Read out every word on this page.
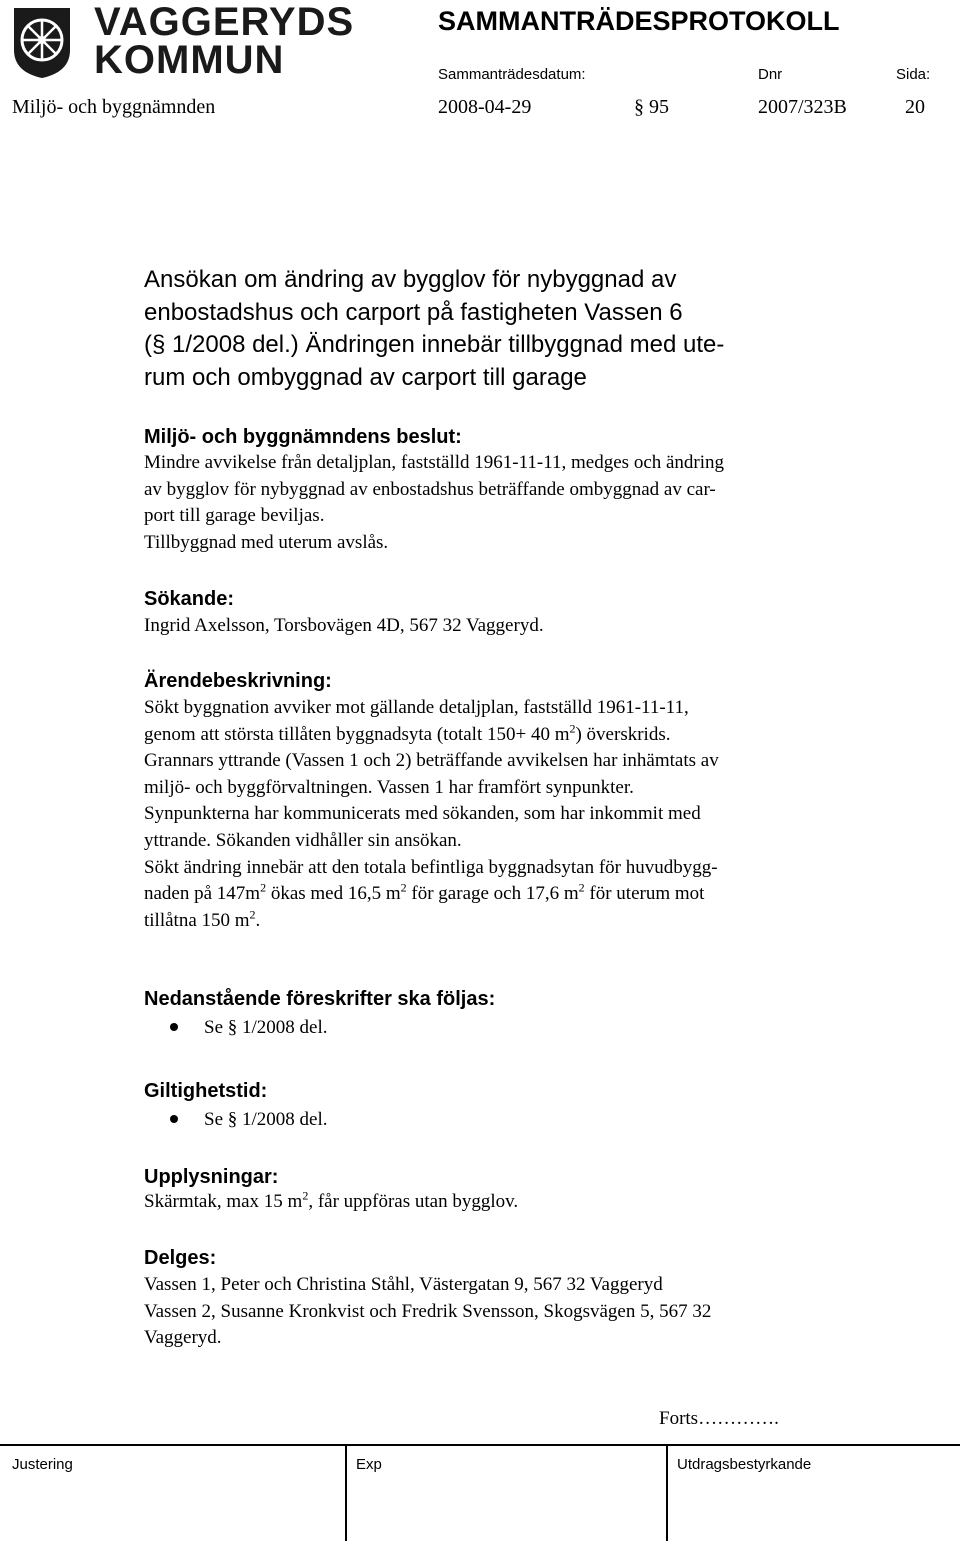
VAGGERYDS
KOMMUN
SAMMANTRÄDESPROTOKOLL
Sammanträdesdatum:	Dnr	Sida:
Miljö- och byggnämnden	2008-04-29	§ 95	2007/323B	20
Ansökan om ändring av bygglov för nybyggnad av
enbostadshus och carport på fastigheten Vassen 6
(§ 1/2008 del.) Ändringen innebär tillbyggnad med ute-
rum och ombyggnad av carport till garage
Miljö- och byggnämndens beslut:

Mindre avvikelse från detaljplan, fastställd 1961-11-11, medges och ändring

av bygglov för nybyggnad av enbostadshus beträffande ombyggnad av car-

port till garage beviljas.

Tillbyggnad med uterum avslås.

Sökande:
Ingrid Axelsson, Torsbovägen 4D, 567 32 Vaggeryd.
Ärendebeskrivning:

Sökt byggnation avviker mot gällande detaljplan, fastställd 1961-11-11,

genom att största tillåten byggnadsyta (totalt 150+ 40 $m^2$) överskrids.

Grannars yttrande (Vassen 1 och 2) beträffande avvikelsen har inhämtats av

miljö- och byggförvaltningen. Vassen 1 har framfört synpunkter.

Synpunkterna har kommunicerats med sökanden, som har inkommit med

yttrande. Sökanden vidhåller sin ansökan.

Sökt ändring innebär att den totala befintliga byggnadsytan för huvudbygg-

naden på $147m^2$ ökas med 16,5 $m^2$ för garage och 17,6 $m^2$ för uterum mot

tillåtna 150 $m^2$.

Nedanstående föreskrifter ska följas:
Se § 1/2008 del.
Giltighetstid:
Se § 1/2008 del.
Upplysningar:
Skärmtak, max 15 $m^2$, får uppföras utan bygglov.
Delges:

Vassen 1, Peter och Christina Ståhl, Västergatan 9, 567 32 Vaggeryd

Vassen 2, Susanne Kronkvist och Fredrik Svensson, Skogsvägen 5, 567 32

Vaggeryd.

Forts………….
Justering	Exp	Utdragsbestyrkande
